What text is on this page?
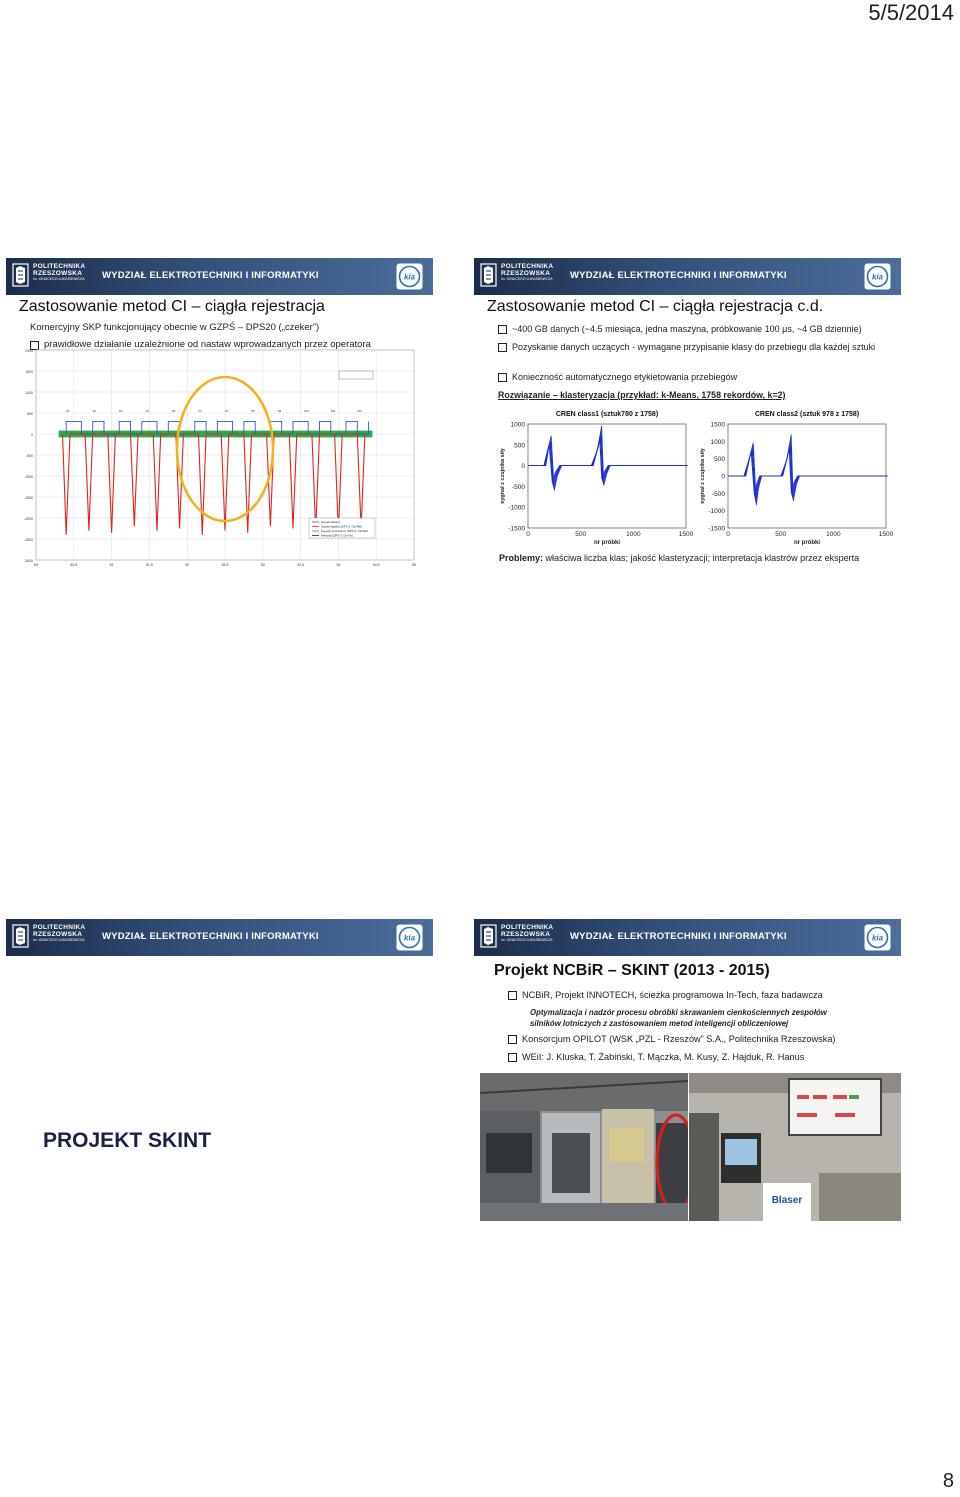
5/5/2014
8
POLITECHNIKA
RZESZOWSKA
im. IGNACEGO ŁUKASIEWICZA WYDZIAŁ ELEKTROTECHNIKI I INFORMATYKI	kia
Zastosowanie metod CI – ciągła rejestracja
Komercyjny SKP funkcjonujący obecnie w GZPŚ – DPS20 („czeker”)
prawidłowe działanie uzależnione od nastaw wprowadzanych przez operatora
2000
1500
1000
500
0
-500
-1000
-1500
-2000
-2500
-3000
50	50.5	51	51.5	52	52.5	53	53.5	54	54.5	55
P1	P2	P3	P4	P5	P6	P7	P8	P9	P10	P11	P12
Sygnał złapany
Sygnał złapany (DPS S. Oln/Ref)
Sygnał przeniesiony (DPS S. Oln/Ref)
Wartości (DPS S. Oln Pd)
POLITECHNIKA
RZESZOWSKA
im. IGNACEGO ŁUKASIEWICZA WYDZIAŁ ELEKTROTECHNIKI I INFORMATYKI	kia
Zastosowanie metod CI – ciągła rejestracja c.d.
~400 GB danych (~4.5 miesiąca, jedna maszyna, próbkowanie 100 μs, ~4 GB dziennie)
Pozyskanie danych uczących - wymagane przypisanie klasy do przebiegu dla każdej sztuki
Konieczność automatycznego etykietowania przebiegów
Rozwiązanie – klasteryzacja (przykład: k-Means, 1758 rekordów, k=2)
CREN class1 (sztuk780 z 1758)
1000
500
0
-500
-1000
-1500
0	500	1000	1500
nr próbki
sygnał z czujnika siły
CREN class2 (sztuk 978 z 1758)
1500
1000
500
0
-500
-1000
-1500
0	500	1000	1500
nr próbki
sygnał z czujnika siły
Problemy: właściwa liczba klas; jakość klasteryzacji; interpretacja klastrów przez eksperta
POLITECHNIKA
RZESZOWSKA
im. IGNACEGO ŁUKASIEWICZA WYDZIAŁ ELEKTROTECHNIKI I INFORMATYKI	kia
PROJEKT SKINT
POLITECHNIKA
RZESZOWSKA
im. IGNACEGO ŁUKASIEWICZA WYDZIAŁ ELEKTROTECHNIKI I INFORMATYKI	kia
Projekt NCBiR – SKINT (2013 - 2015)
NCBiR, Projekt INNOTECH, ścieżka programowa In-Tech, faza badawcza
Optymalizacja i nadzór procesu obróbki skrawaniem cienkościennych zespołów
silników lotniczych z zastosowaniem metod inteligencji obliczeniowej
Konsorcjum OPILOT (WSK „PZL - Rzeszów” S.A., Politechnika Rzeszowska)
WEiI: J. Kluska, T. Żabiński, T. Mączka, M. Kusy, Z. Hajduk, R. Hanus
Blaser
